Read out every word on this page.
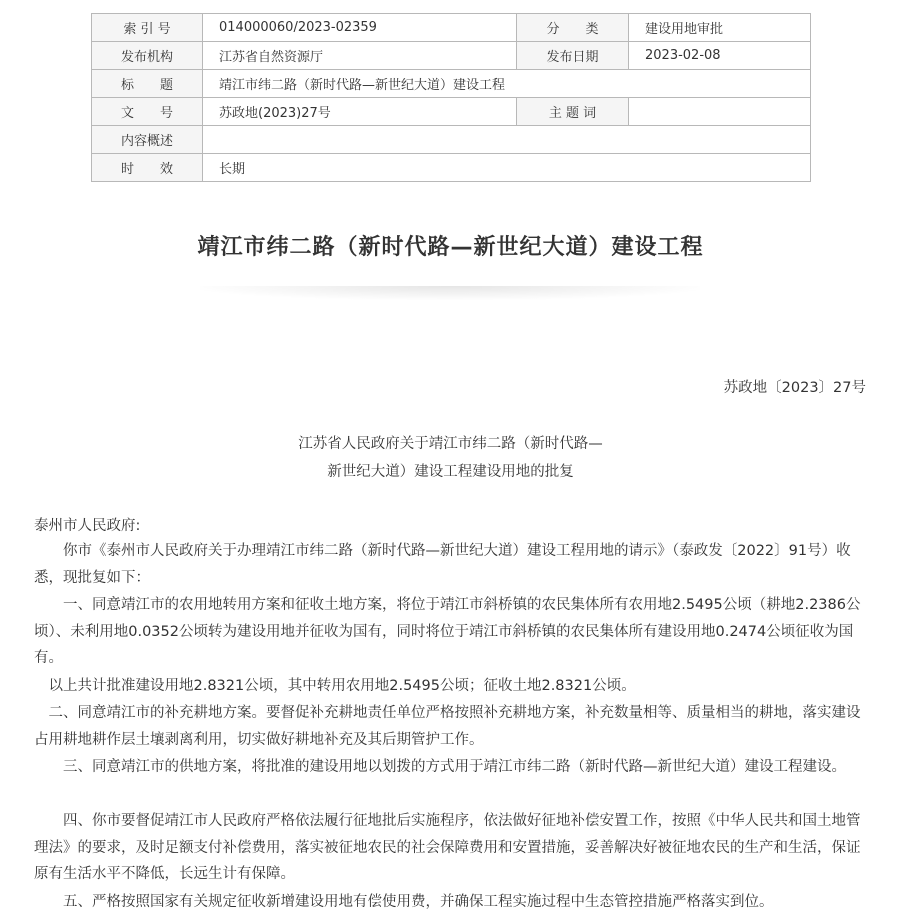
索 引 号	014000060/2023-02359	分　　类	建设用地审批
发布机构	江苏省自然资源厅	发布日期	2023-02-08
标　　题	靖江市纬二路（新时代路—新世纪大道）建设工程		
文　　号	苏政地(2023)27号	主 题 词	
内容概述			
时　　效	长期		
靖江市纬二路（新时代路—新世纪大道）建设工程
苏政地〔2023〕27号
江苏省人民政府关于靖江市纬二路（新时代路—
新世纪大道）建设工程建设用地的批复
泰州市人民政府:
　　你市《泰州市人民政府关于办理靖江市纬二路（新时代路—新世纪大道）建设工程用地的请示》（泰政发〔2022〕91号）收悉，现批复如下：
　　一、同意靖江市的农用地转用方案和征收土地方案，将位于靖江市斜桥镇的农民集体所有农用地2.5495公顷（耕地2.2386公顷）、未利用地0.0352公顷转为建设用地并征收为国有，同时将位于靖江市斜桥镇的农民集体所有建设用地0.2474公顷征收为国有。
　以上共计批准建设用地2.8321公顷，其中转用农用地2.5495公顷；征收土地2.8321公顷。
　二、同意靖江市的补充耕地方案。要督促补充耕地责任单位严格按照补充耕地方案，补充数量相等、质量相当的耕地，落实建设占用耕地耕作层土壤剥离利用，切实做好耕地补充及其后期管护工作。
　　三、同意靖江市的供地方案，将批准的建设用地以划拨的方式用于靖江市纬二路（新时代路—新世纪大道）建设工程建设。
　　四、你市要督促靖江市人民政府严格依法履行征地批后实施程序，依法做好征地补偿安置工作，按照《中华人民共和国土地管理法》的要求，及时足额支付补偿费用，落实被征地农民的社会保障费用和安置措施，妥善解决好被征地农民的生产和生活，保证原有生活水平不降低，长远生计有保障。
　　五、严格按照国家有关规定征收新增建设用地有偿使用费，并确保工程实施过程中生态管控措施严格落实到位。
